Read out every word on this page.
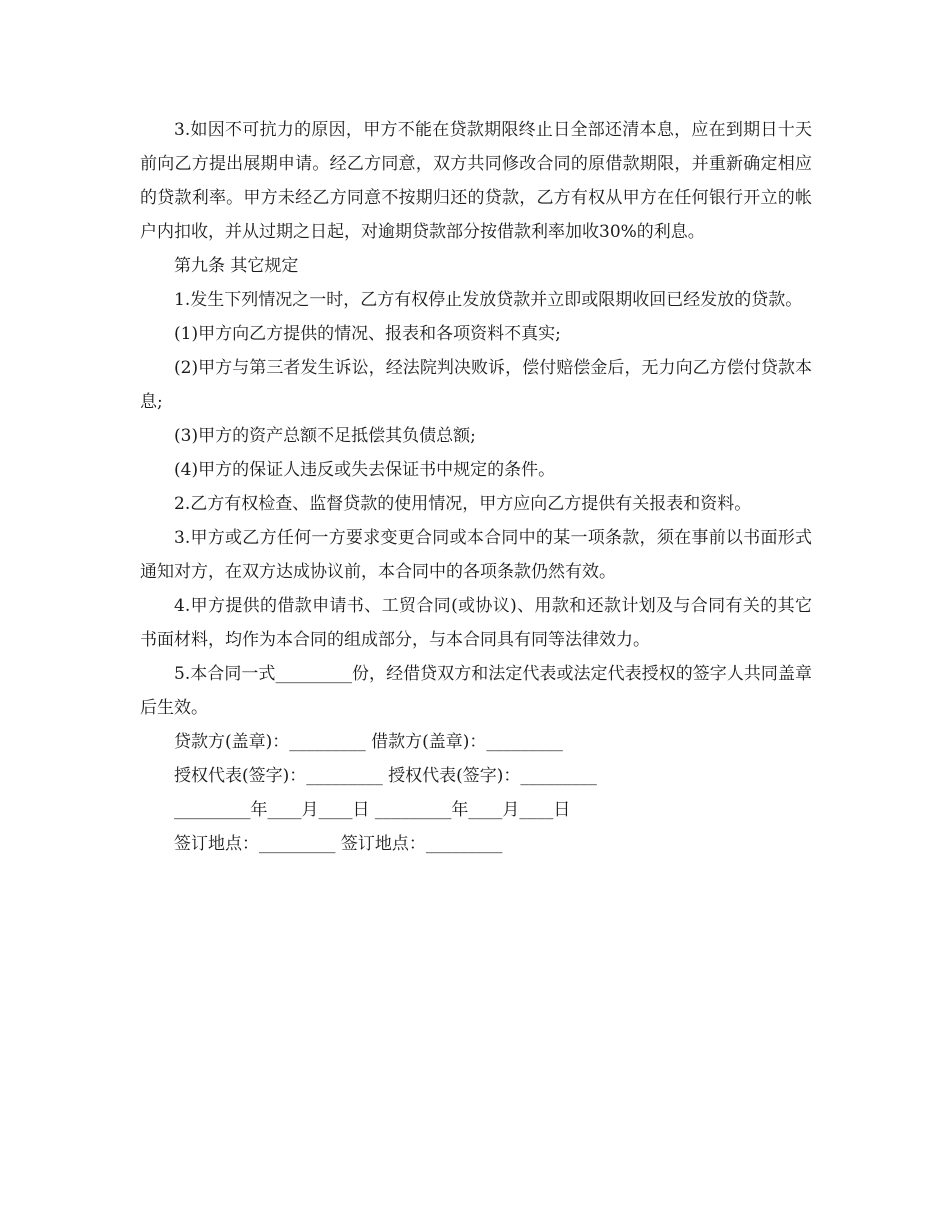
3.如因不可抗力的原因，甲方不能在贷款期限终止日全部还清本息，应在到期日十天前向乙方提出展期申请。经乙方同意，双方共同修改合同的原借款期限，并重新确定相应的贷款利率。甲方未经乙方同意不按期归还的贷款，乙方有权从甲方在任何银行开立的帐户内扣收，并从过期之日起，对逾期贷款部分按借款利率加收30%的利息。

第九条 其它规定

1.发生下列情况之一时，乙方有权停止发放贷款并立即或限期收回已经发放的贷款。

(1)甲方向乙方提供的情况、报表和各项资料不真实;

(2)甲方与第三者发生诉讼，经法院判决败诉，偿付赔偿金后，无力向乙方偿付贷款本息;

(3)甲方的资产总额不足抵偿其负债总额;

(4)甲方的保证人违反或失去保证书中规定的条件。

2.乙方有权检查、监督贷款的使用情况，甲方应向乙方提供有关报表和资料。

3.甲方或乙方任何一方要求变更合同或本合同中的某一项条款，须在事前以书面形式通知对方，在双方达成协议前，本合同中的各项条款仍然有效。

4.甲方提供的借款申请书、工贸合同(或协议)、用款和还款计划及与合同有关的其它书面材料，均作为本合同的组成部分，与本合同具有同等法律效力。

5.本合同一式_________份，经借贷双方和法定代表或法定代表授权的签字人共同盖章后生效。

贷款方(盖章)：_________ 借款方(盖章)：_________

授权代表(签字)：_________ 授权代表(签字)：_________

_________年____月____日 _________年____月____日

签订地点：_________ 签订地点：_________
